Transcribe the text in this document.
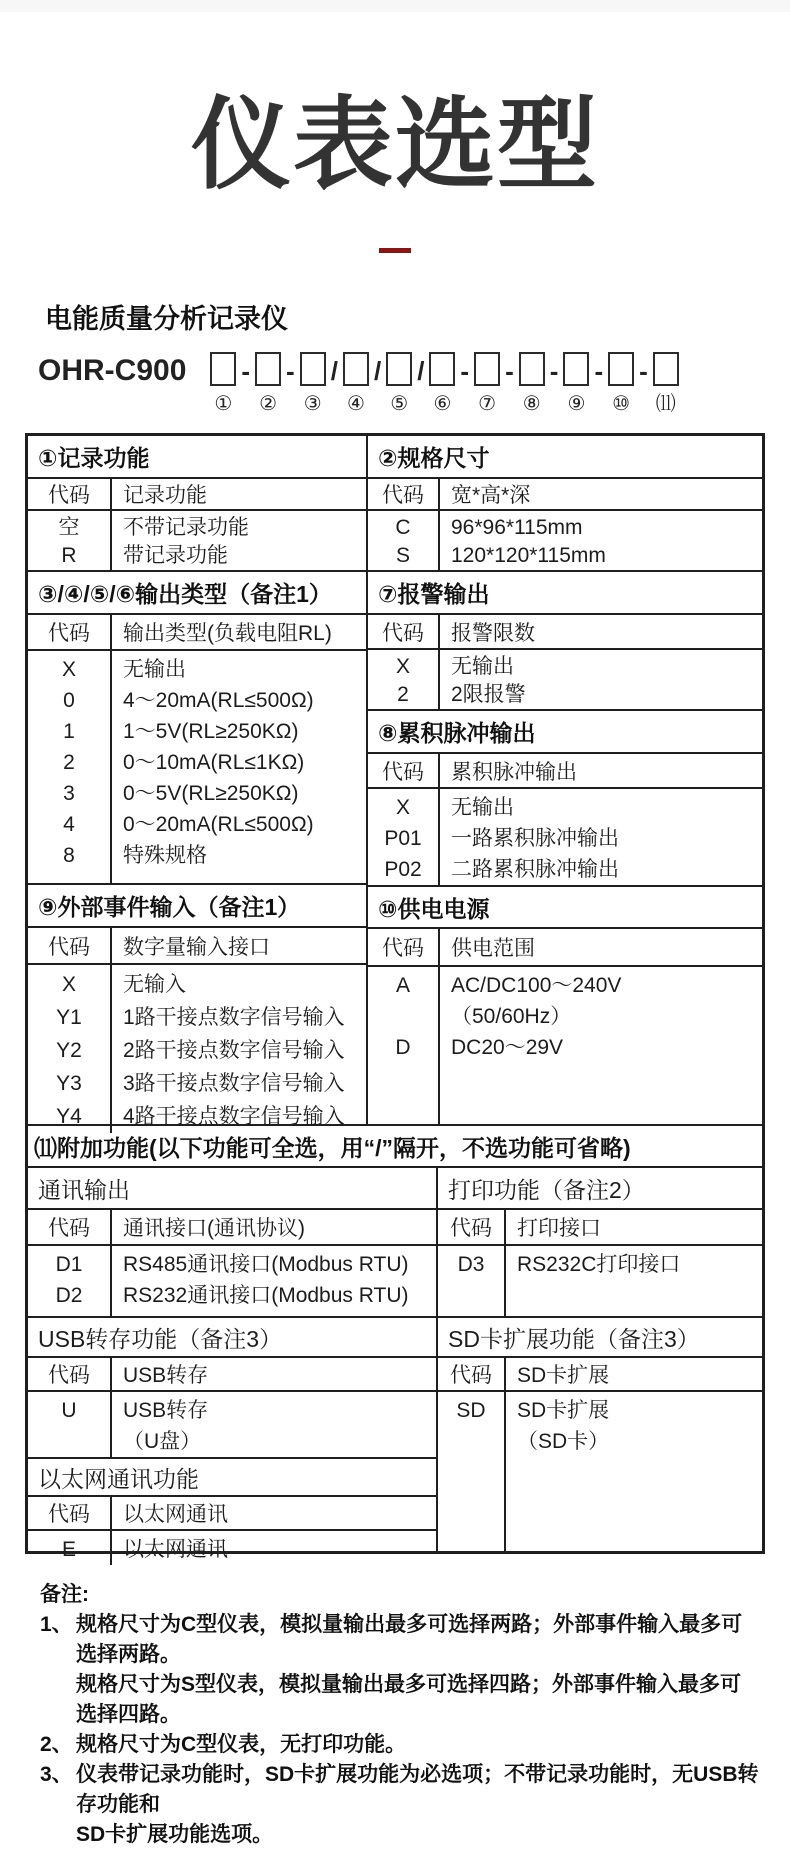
仪表选型
电能质量分析记录仪
OHR-C900
①
-
②
-
③
/
④
/
⑤
/
⑥
-
⑦
-
⑧
-
⑨
-
⑩
-
⑾
①记录功能
代码	记录功能
空	不带记录功能
R	带记录功能
③/④/⑤/⑥输出类型（备注1）
代码	输出类型(负载电阻RL)
X	无输出
0	4～20mA(RL≤500Ω)
1	1～5V(RL≥250KΩ)
2	0～10mA(RL≤1KΩ)
3	0～5V(RL≥250KΩ)
4	0～20mA(RL≤500Ω)
8	特殊规格
⑨外部事件输入（备注1）
代码	数字量输入接口
X	无输入
Y1	1路干接点数字信号输入
Y2	2路干接点数字信号输入
Y3	3路干接点数字信号输入
Y4	4路干接点数字信号输入
②规格尺寸
代码	宽*高*深
C	96*96*115mm
S	120*120*115mm
⑦报警输出
代码	报警限数
X	无输出
2	2限报警
⑧累积脉冲输出
代码	累积脉冲输出
X	无输出
P01	一路累积脉冲输出
P02	二路累积脉冲输出
⑩供电电源
代码	供电范围
A	AC/DC100～240V
（50/60Hz）
D	DC20～29V
⑾附加功能(以下功能可全选，用“/”隔开，不选功能可省略)
通讯输出
代码	通讯接口(通讯协议)
D1	RS485通讯接口(Modbus RTU)
D2	RS232通讯接口(Modbus RTU)
USB转存功能（备注3）
代码	USB转存
U	USB转存
（U盘）
以太网通讯功能
代码	以太网通讯
E	以太网通讯
打印功能（备注2）
代码	打印接口
D3	RS232C打印接口
SD卡扩展功能（备注3）
代码	SD卡扩展
SD	SD卡扩展
（SD卡）
备注:
1、 规格尺寸为C型仪表，模拟量输出最多可选择两路；外部事件输入最多可选择两路。
规格尺寸为S型仪表，模拟量输出最多可选择四路；外部事件输入最多可选择四路。
2、 规格尺寸为C型仪表，无打印功能。
3、 仪表带记录功能时，SD卡扩展功能为必选项；不带记录功能时，无USB转存功能和
SD卡扩展功能选项。
